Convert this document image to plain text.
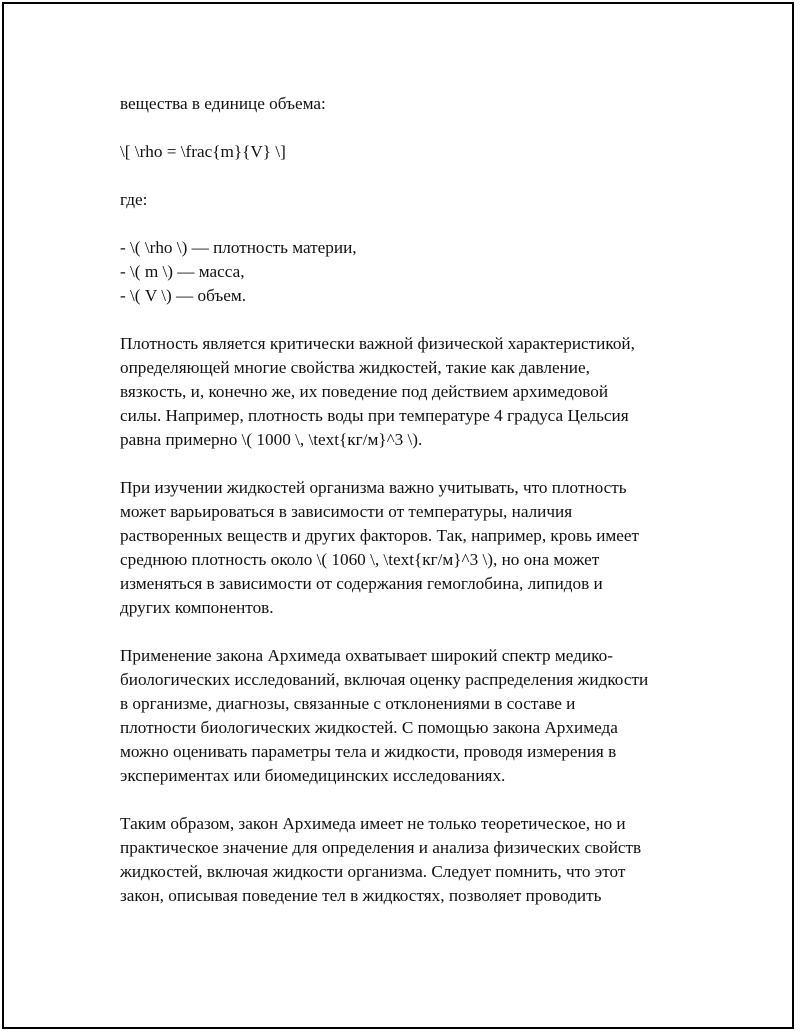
вещества в единице объема:
\[ \rho = \frac{m}{V} \]
где:
- \( \rho \) — плотность материи,
- \( m \) — масса,
- \( V \) — объем.
Плотность является критически важной физической характеристикой,
определяющей многие свойства жидкостей, такие как давление,
вязкость, и, конечно же, их поведение под действием архимедовой
силы. Например, плотность воды при температуре 4 градуса Цельсия
равна примерно \( 1000 \, \text{кг/м}^3 \).
При изучении жидкостей организма важно учитывать, что плотность
может варьироваться в зависимости от температуры, наличия
растворенных веществ и других факторов. Так, например, кровь имеет
среднюю плотность около \( 1060 \, \text{кг/м}^3 \), но она может
изменяться в зависимости от содержания гемоглобина, липидов и
других компонентов.
Применение закона Архимеда охватывает широкий спектр медико-
биологических исследований, включая оценку распределения жидкости
в организме, диагнозы, связанные с отклонениями в составе и
плотности биологических жидкостей. С помощью закона Архимеда
можно оценивать параметры тела и жидкости, проводя измерения в
экспериментах или биомедицинских исследованиях.
Таким образом, закон Архимеда имеет не только теоретическое, но и
практическое значение для определения и анализа физических свойств
жидкостей, включая жидкости организма. Следует помнить, что этот
закон, описывая поведение тел в жидкостях, позволяет проводить
